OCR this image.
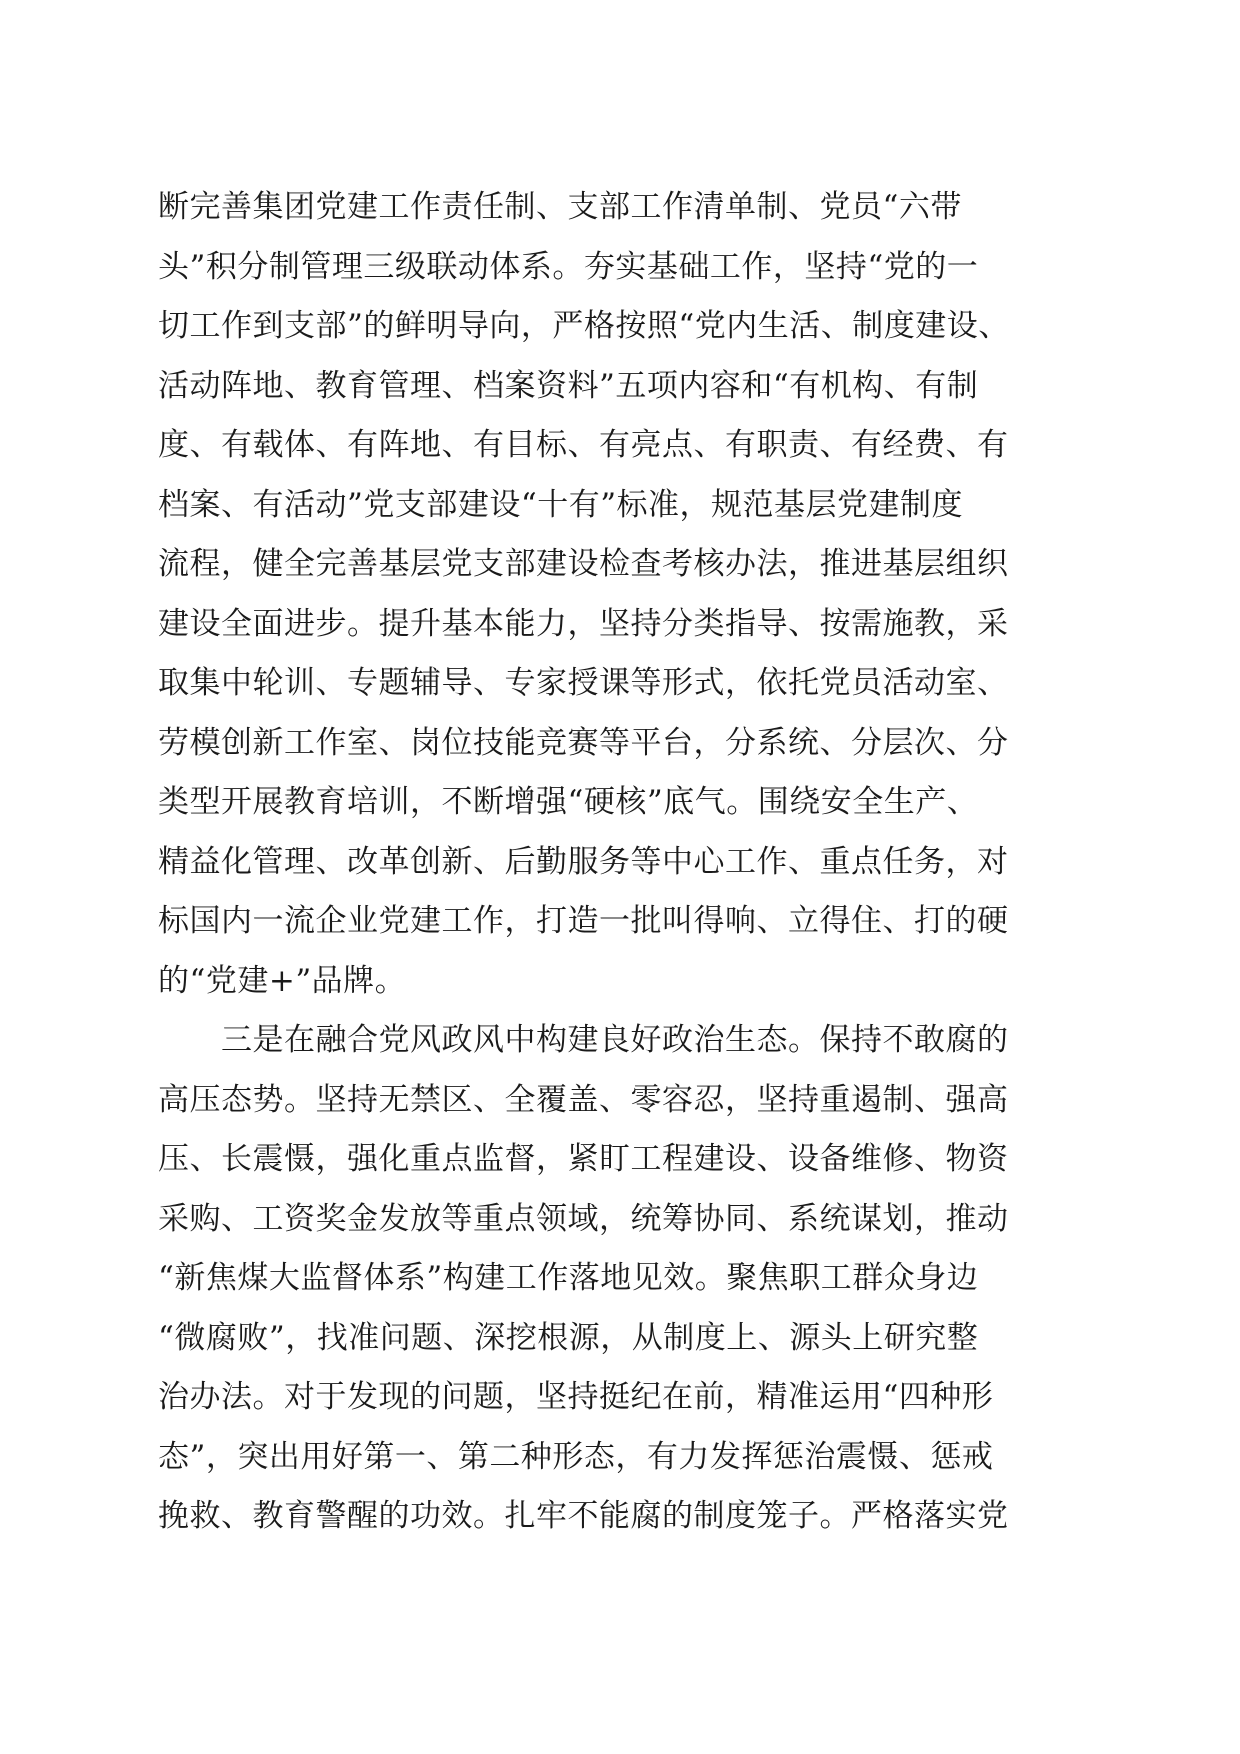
断完善集团党建工作责任制、支部工作清单制、党员“六带
头”积分制管理三级联动体系。夯实基础工作，坚持“党的一
切工作到支部”的鲜明导向，严格按照“党内生活、制度建设、
活动阵地、教育管理、档案资料”五项内容和“有机构、有制
度、有载体、有阵地、有目标、有亮点、有职责、有经费、有
档案、有活动”党支部建设“十有”标准，规范基层党建制度
流程，健全完善基层党支部建设检查考核办法，推进基层组织
建设全面进步。提升基本能力，坚持分类指导、按需施教，采
取集中轮训、专题辅导、专家授课等形式，依托党员活动室、
劳模创新工作室、岗位技能竞赛等平台，分系统、分层次、分
类型开展教育培训，不断增强“硬核”底气。围绕安全生产、
精益化管理、改革创新、后勤服务等中心工作、重点任务，对
标国内一流企业党建工作，打造一批叫得响、立得住、打的硬
的“党建+”品牌。
　　三是在融合党风政风中构建良好政治生态。保持不敢腐的
高压态势。坚持无禁区、全覆盖、零容忍，坚持重遏制、强高
压、长震慑，强化重点监督，紧盯工程建设、设备维修、物资
采购、工资奖金发放等重点领域，统筹协同、系统谋划，推动
“新焦煤大监督体系”构建工作落地见效。聚焦职工群众身边
“微腐败”，找准问题、深挖根源，从制度上、源头上研究整
治办法。对于发现的问题，坚持挺纪在前，精准运用“四种形
态”，突出用好第一、第二种形态，有力发挥惩治震慑、惩戒
挽救、教育警醒的功效。扎牢不能腐的制度笼子。严格落实党
